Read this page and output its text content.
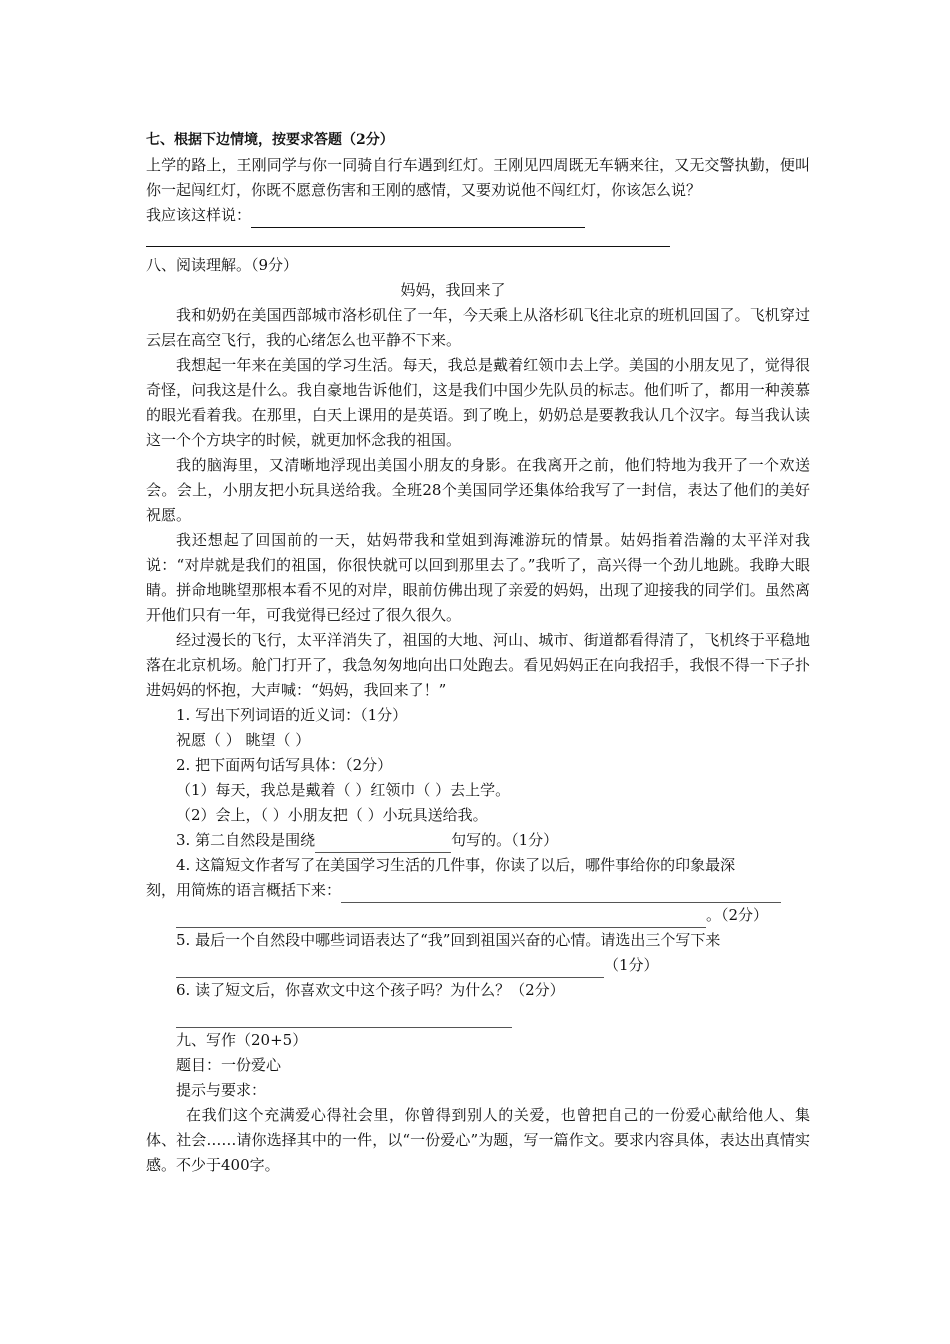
七、根据下边情境，按要求答题（2分）

上学的路上，王刚同学与你一同骑自行车遇到红灯。王刚见四周既无车辆来往，又无交警执勤，便叫你一起闯红灯，你既不愿意伤害和王刚的感情，又要劝说他不闯红灯，你该怎么说？

我应该这样说：
八、阅读理解。（9分）
妈妈，我回来了

我和奶奶在美国西部城市洛杉矶住了一年，今天乘上从洛杉矶飞往北京的班机回国了。飞机穿过云层在高空飞行，我的心绪怎么也平静不下来。

我想起一年来在美国的学习生活。每天，我总是戴着红领巾去上学。美国的小朋友见了，觉得很奇怪，问我这是什么。我自豪地告诉他们，这是我们中国少先队员的标志。他们听了，都用一种羡慕的眼光看着我。在那里，白天上课用的是英语。到了晚上，奶奶总是要教我认几个汉字。每当我认读这一个个方块字的时候，就更加怀念我的祖国。

我的脑海里，又清晰地浮现出美国小朋友的身影。在我离开之前，他们特地为我开了一个欢送会。会上，小朋友把小玩具送给我。全班28个美国同学还集体给我写了一封信，表达了他们的美好祝愿。

我还想起了回国前的一天，姑妈带我和堂姐到海滩游玩的情景。姑妈指着浩瀚的太平洋对我说：“对岸就是我们的祖国，你很快就可以回到那里去了。”我听了，高兴得一个劲儿地跳。我睁大眼睛。拼命地眺望那根本看不见的对岸，眼前仿佛出现了亲爱的妈妈，出现了迎接我的同学们。虽然离开他们只有一年，可我觉得已经过了很久很久。

经过漫长的飞行，太平洋消失了，祖国的大地、河山、城市、街道都看得清了，飞机终于平稳地落在北京机场。舱门打开了，我急匆匆地向出口处跑去。看见妈妈正在向我招手，我恨不得一下子扑进妈妈的怀抱，大声喊：“妈妈，我回来了！”

1. 写出下列词语的近义词：（1分）
祝愿（ ） 眺望（ ）
2. 把下面两句话写具体：（2分）
（1）每天，我总是戴着（ ）红领巾（ ）去上学。
（2）会上，（ ）小朋友把（ ）小玩具送给我。
3. 第二自然段是围绕	句写的。（1分）
4. 这篇短文作者写了在美国学习生活的几件事，你读了以后，哪件事给你的印象最深
刻，用简炼的语言概括下来：
。（2分）
5. 最后一个自然段中哪些词语表达了“我”回到祖国兴奋的心情。请选出三个写下来
（1分）
6. 读了短文后，你喜欢文中这个孩子吗？为什么？（2分）
九、写作（20+5）
题目：一份爱心
提示与要求：

在我们这个充满爱心得社会里，你曾得到别人的关爱，也曾把自己的一份爱心献给他人、集体、社会……请你选择其中的一件，以“一份爱心”为题，写一篇作文。要求内容具体，表达出真情实感。不少于400字。
